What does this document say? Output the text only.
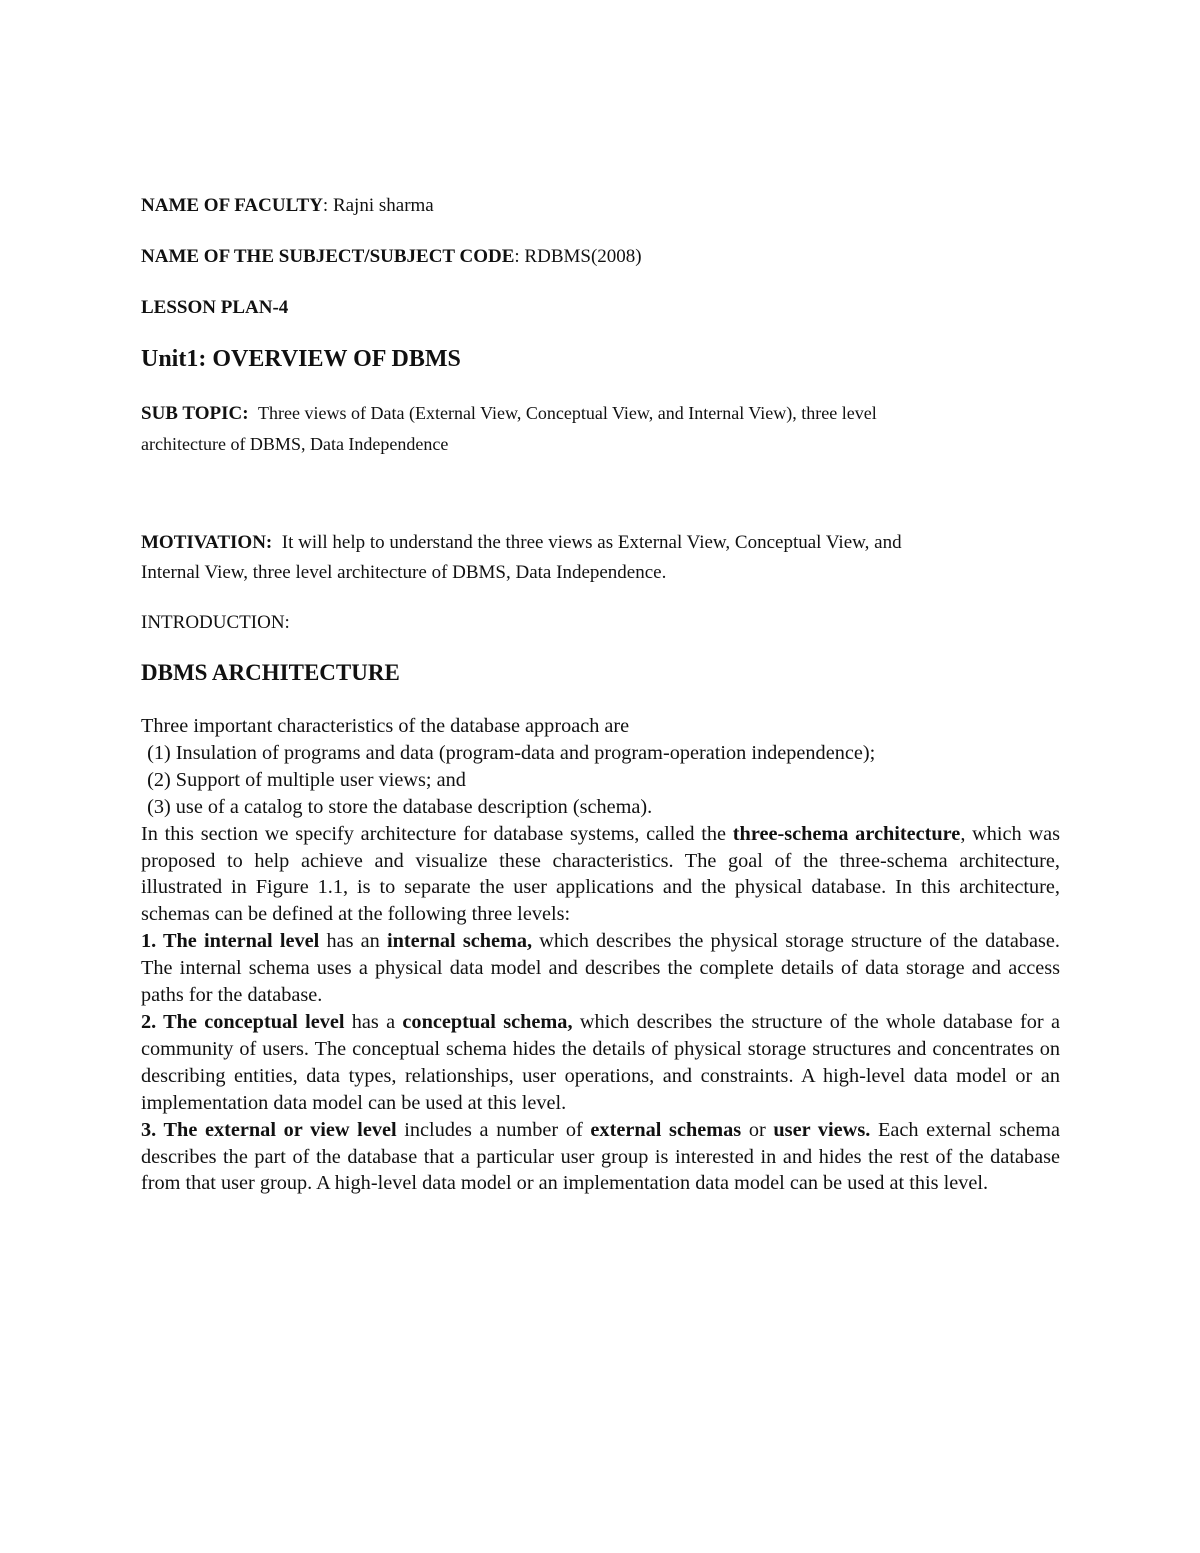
NAME OF FACULTY: Rajni sharma
NAME OF THE SUBJECT/SUBJECT CODE: RDBMS(2008)
LESSON PLAN-4
Unit1: OVERVIEW OF DBMS
SUB TOPIC: Three views of Data (External View, Conceptual View, and Internal View), three level
architecture of DBMS, Data Independence
MOTIVATION: It will help to understand the three views as External View, Conceptual View, and
Internal View, three level architecture of DBMS, Data Independence.
INTRODUCTION:
DBMS ARCHITECTURE

Three important characteristics of the database approach are

(1) Insulation of programs and data (program-data and program-operation independence);

(2) Support of multiple user views; and

(3) use of a catalog to store the database description (schema).

In this section we specify architecture for database systems, called the three-schema architecture, which was proposed to help achieve and visualize these characteristics. The goal of the three-schema architecture, illustrated in Figure 1.1, is to separate the user applications and the physical database. In this architecture, schemas can be defined at the following three levels:

1. The internal level has an internal schema, which describes the physical storage structure of the database. The internal schema uses a physical data model and describes the complete details of data storage and access paths for the database.

2. The conceptual level has a conceptual schema, which describes the structure of the whole database for a community of users. The conceptual schema hides the details of physical storage structures and concentrates on describing entities, data types, relationships, user operations, and constraints. A high-level data model or an implementation data model can be used at this level.

3. The external or view level includes a number of external schemas or user views. Each external schema describes the part of the database that a particular user group is interested in and hides the rest of the database from that user group. A high-level data model or an implementation data model can be used at this level.
